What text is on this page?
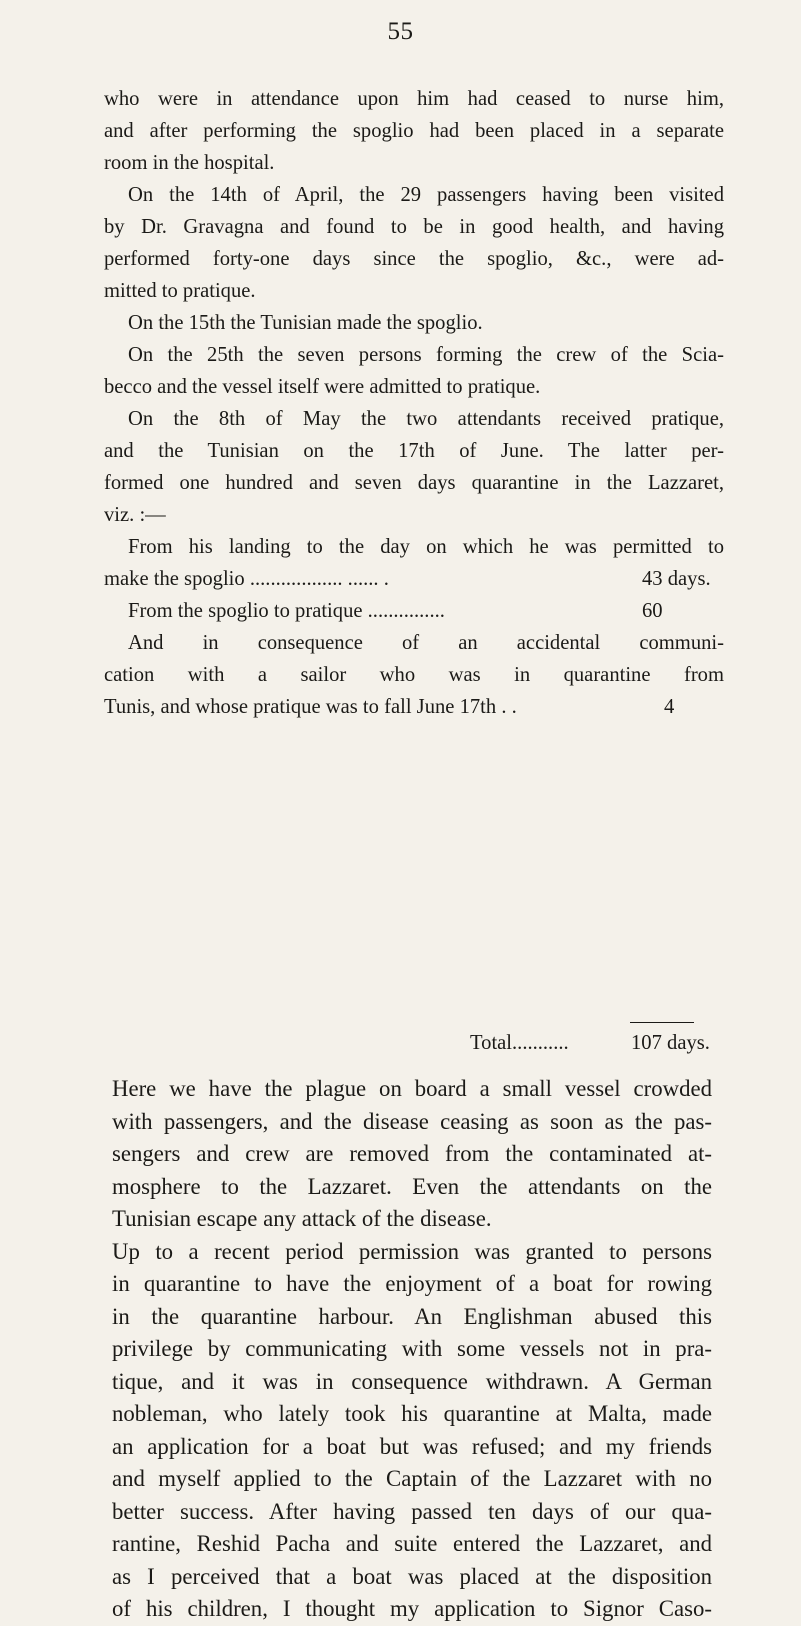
55
who were in attendance upon him had ceased to nurse him,
and after performing the spoglio had been placed in a separate
room in the hospital.
On the 14th of April, the 29 passengers having been visited
by Dr. Gravagna and found to be in good health, and having
performed forty-one days since the spoglio, &c., were ad-
mitted to pratique.
On the 15th the Tunisian made the spoglio.
On the 25th the seven persons forming the crew of the Scia-
becco and the vessel itself were admitted to pratique.
On the 8th of May the two attendants received pratique,
and the Tunisian on the 17th of June. The latter per-
formed one hundred and seven days quarantine in the Lazzaret,
viz. :—
From his landing to the day on which he was permitted to
make the spoglio .................. ...... .	43 days.
From the spoglio to pratique ...............	60
And in consequence of an accidental communi-
cation with a sailor who was in quarantine from
Tunis, and whose pratique was to fall June 17th . .	4
Total...........	107 days.
Here we have the plague on board a small vessel crowded
with passengers, and the disease ceasing as soon as the pas-
sengers and crew are removed from the contaminated at-
mosphere to the Lazzaret. Even the attendants on the
Tunisian escape any attack of the disease.
Up to a recent period permission was granted to persons
in quarantine to have the enjoyment of a boat for rowing
in the quarantine harbour. An Englishman abused this
privilege by communicating with some vessels not in pra-
tique, and it was in consequence withdrawn. A German
nobleman, who lately took his quarantine at Malta, made
an application for a boat but was refused; and my friends
and myself applied to the Captain of the Lazzaret with no
better success. After having passed ten days of our qua-
rantine, Reshid Pacha and suite entered the Lazzaret, and
as I perceived that a boat was placed at the disposition
of his children, I thought my application to Signor Caso-
